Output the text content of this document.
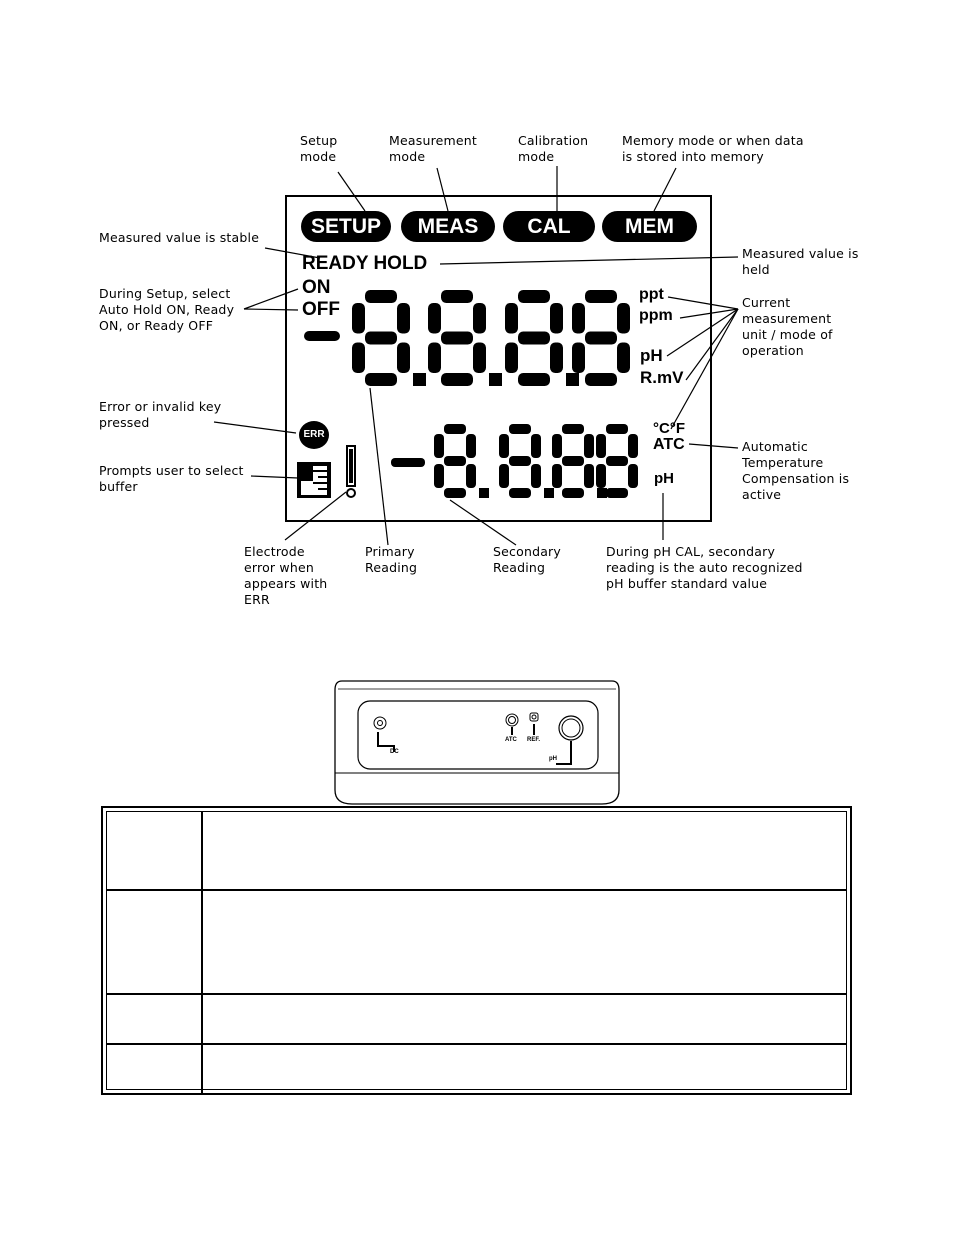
Setup
mode
Measurement
mode
Calibration
mode
Memory mode or when data
is stored into memory
Measured value is stable
Measured value is
held
During Setup, select
Auto Hold ON, Ready
ON, or Ready OFF
Current
measurement
unit / mode of
operation
Error or invalid key
pressed
Automatic
Temperature
Compensation is
active
Prompts user to select
buffer
Electrode
error when
appears with
ERR
Primary
Reading
Secondary
Reading
During pH CAL, secondary
reading is the auto recognized
pH buffer standard value
SETUP	MEAS	CAL	MEM
READY HOLD
ON
OFF
ppt
ppm
pH
R.mV
°C°F
ATC
pH
ERR
DC
ATC REF.
pH
